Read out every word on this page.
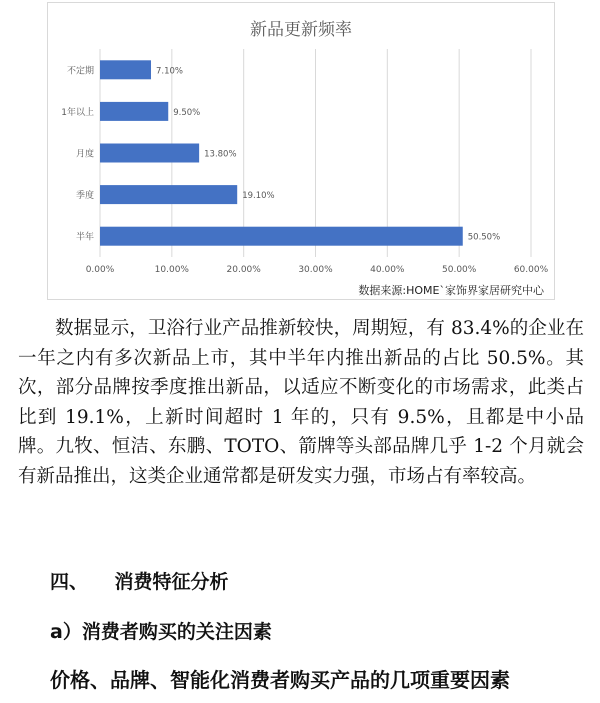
新品更新频率
0.00%	10.00%	20.00%	30.00%	40.00%	50.00%	60.00%
不定期	7.10%
1年以上	9.50%
月度	13.80%
季度	19.10%
半年	50.50%
数据来源:HOME`家饰界家居研究中心

数据显示，卫浴行业产品推新较快，周期短，有 83.4%的企业在一年之内有多次新品上市，其中半年内推出新品的占比 50.5%。其次，部分品牌按季度推出新品，以适应不断变化的市场需求，此类占比到 19.1%，上新时间超时 1 年的，只有 9.5%，且都是中小品牌。九牧、恒洁、东鹏、TOTO、箭牌等头部品牌几乎 1-2 个月就会有新品推出，这类企业通常都是研发实力强，市场占有率较高。

四、    消费特征分析
a）消费者购买的关注因素
价格、品牌、智能化消费者购买产品的几项重要因素
